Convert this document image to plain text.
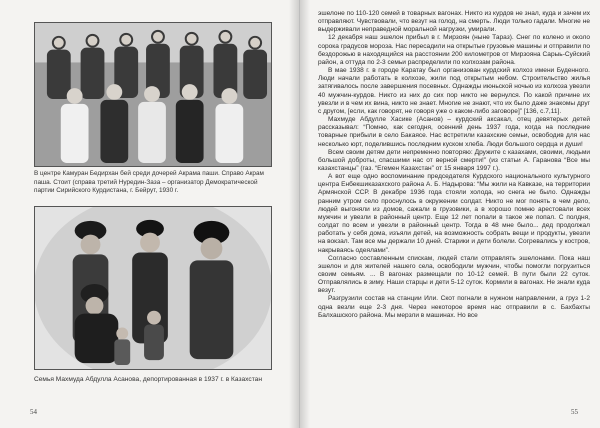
В центре Камуран Бедирхан бей среди дочерей Акрама паши. Справо Акрам паша. Стоит (справа третий Нуредин-Заза – организатор Демократической партии Сирийского Курдистана, г. Бейрут, 1930 г.
Семья Махмуда Абдулла Асанова, депортированная в 1937 г. в Казахстан
54

эшелоне по 110-120 семей в товарных вагонах. Никто из курдов не знал, куда и зачем их отправляют. Чувствовали, что везут на голод, на смерть. Люди только гадали. Многие не выдерживали неправедной моральной нагрузки, умирали.

12 декабря наш эшелон прибыл в г. Мирзоян (ныне Тараз). Снег по колено и около сорока градусов мороза. Нас пересадили на открытые грузовые машины и отправили по бездорожью в находящийся на расстоянии 200 километров от Мирзояна Сарыь-Суйский район, а оттуда по 2-3 семьи распределили по колхозам района.

В мае 1938 г. в городе Каратау был организован курдский колхоз имени Буденного. Люди начали работать в колхозе, жили под открытым небом. Строительство жилья затягивалось после завершения посевных. Однажды июньской ночью из колхоза увезли 40 мужчин-курдов. Никто из них до сих пор никто не вернулся. По какой причине их увезли и в чем их вина, никто не знает. Многие не знают, что их было даже знакомы друг с другом, [если, как говорят, не говоря уже о каком-либо заговоре]” [136, с.7,11].

Махмуде Абдулле Хасике (Асанов) – курдский аксакал, отец девятерых детей рассказывал: “Помню, как сегодня, осенний день 1937 года, когда на последние товарные прибыли в село Бакаясе. Нас встретили казахские семьи, освободив для нас несколько юрт, поделившись последним куском хлеба. Люди большого сердца и души!

Всем своим детям дети непременно повторяю: Дружите с казахами, своими, людьми большой доброты, спасшими нас от верной смерти!” (из статьи А. Гаранова “Все мы казахстанцы” (газ. “Егемен Казахстан” от 15 января 1997 г.).

А вот еще одно воспоминание председателя Курдского национального культурного центра Енбекшиказахского района А. Б. Надырова: “Мы жили на Кавказе, на территории Армянской ССР. В декабре 1936 года стояли холода, но снега не было. Однажды ранним утром село проснулось в окружении солдат. Никто не мог понять в чем дело, людей выгоняли из домов, сажали в грузовики, а в хорошо помню арестовали всех мужчин и увезли в районный центр. Еще 12 лет попали в такое же попал. С полдня, солдат по всем и увезли в районный центр. Тогда в 48 мне было... дед продолжал работать у себя дома, изъяли детей, на возможность собрать вещи и продукты, увезли на вокзал. Там все мы держали 10 дней. Старики и дети болели. Согревались у костров, накрываясь одеялами”.

Согласно составленным спискам, людей стали отправлять эшелонами. Пока наш эшелон и для жителей нашего села, освободили мужчин, чтобы помогли погрузиться своим семьям. ... В вагонах размещали по 10-12 семей. В пути были 22 суток. Отправлялись в зиму. Наши старцы и дети 5-12 суток. Кормили в вагонах. Не знали куда везут.

Разгрузили состав на станции Или. Скот погнали в нужном направлении, а груз 1-2 одна везли еще 2-3 дня. Через некоторое время нас отправили в с. Бахбахты Балхашского района. Мы мерзли в машинах. Но все

55
